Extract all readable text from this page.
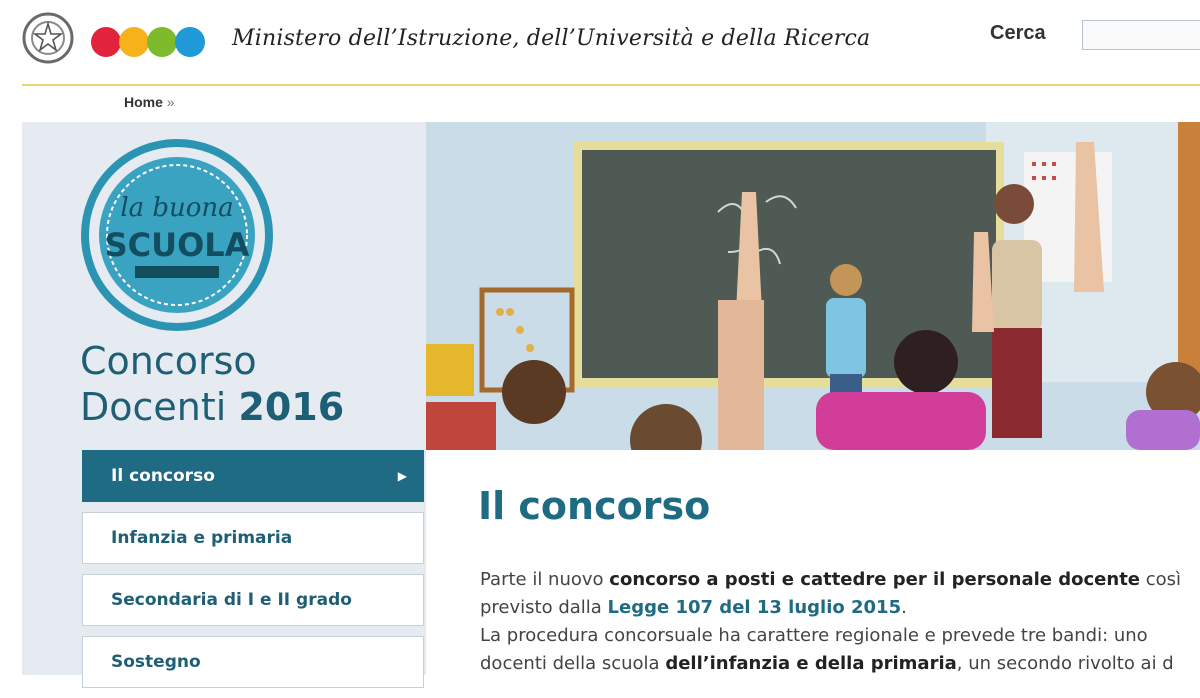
Ministero dell’Istruzione, dell’Università e della Ricerca	Cerca
Home »
la buona
SCUOLA
Concorso
Docenti 2016
Il concorso	▶
Infanzia e primaria
Secondaria di I e II grado
Sostegno
Il concorso
Parte il nuovo concorso a posti e cattedre per il personale docente così
previsto dalla Legge 107 del 13 luglio 2015.
La procedura concorsuale ha carattere regionale e prevede tre bandi: uno
docenti della scuola dell’infanzia e della primaria, un secondo rivolto ai d
